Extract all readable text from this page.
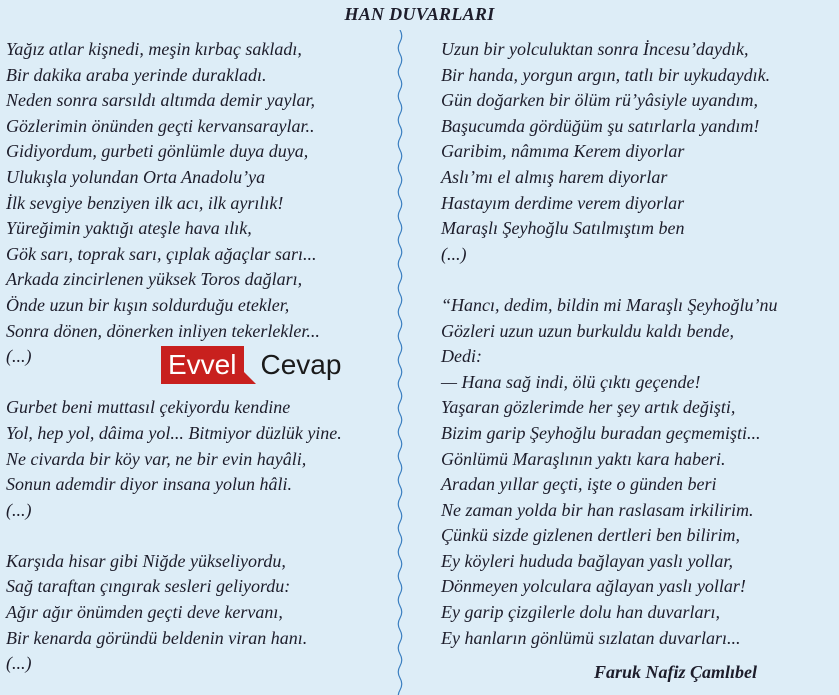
HAN DUVARLARI
Yağız atlar kişnedi, meşin kırbaç sakladı,
Bir dakika araba yerinde durakladı.
Neden sonra sarsıldı altımda demir yaylar,
Gözlerimin önünden geçti kervansaraylar..
Gidiyordum, gurbeti gönlümle duya duya,
Ulukışla yolundan Orta Anadolu’ya
İlk sevgiye benziyen ilk acı, ilk ayrılık!
Yüreğimin yaktığı ateşle hava ılık,
Gök sarı, toprak sarı, çıplak ağaçlar sarı...
Arkada zincirlenen yüksek Toros dağları,
Önde uzun bir kışın soldurduğu etekler,
Sonra dönen, dönerken inliyen tekerlekler...
(...)
Gurbet beni muttasıl çekiyordu kendine
Yol, hep yol, dâima yol... Bitmiyor düzlük yine.
Ne civarda bir köy var, ne bir evin hayâli,
Sonun ademdir diyor insana yolun hâli.
(...)
Karşıda hisar gibi Niğde yükseliyordu,
Sağ taraftan çıngırak sesleri geliyordu:
Ağır ağır önümden geçti deve kervanı,
Bir kenarda göründü beldenin viran hanı.
(...)
Uzun bir yolculuktan sonra İncesu’daydık,
Bir handa, yorgun argın, tatlı bir uykudaydık.
Gün doğarken bir ölüm rü’yâsiyle uyandım,
Başucumda gördüğüm şu satırlarla yandım!
Garibim, nâmıma Kerem diyorlar
Aslı’mı el almış harem diyorlar
Hastayım derdime verem diyorlar
Maraşlı Şeyhoğlu Satılmıştım ben
(...)
“Hancı, dedim, bildin mi Maraşlı Şeyhoğlu’nu
Gözleri uzun uzun burkuldu kaldı bende,
Dedi:
— Hana sağ indi, ölü çıktı geçende!
Yaşaran gözlerimde her şey artık değişti,
Bizim garip Şeyhoğlu buradan geçmemişti...
Gönlümü Maraşlının yaktı kara haberi.
Aradan yıllar geçti, işte o günden beri
Ne zaman yolda bir han raslasam irkilirim.
Çünkü sizde gizlenen dertleri ben bilirim,
Ey köyleri hududa bağlayan yaslı yollar,
Dönmeyen yolculara ağlayan yaslı yollar!
Ey garip çizgilerle dolu han duvarları,
Ey hanların gönlümü sızlatan duvarları...
Evvel Cevap
Faruk Nafiz Çamlıbel
